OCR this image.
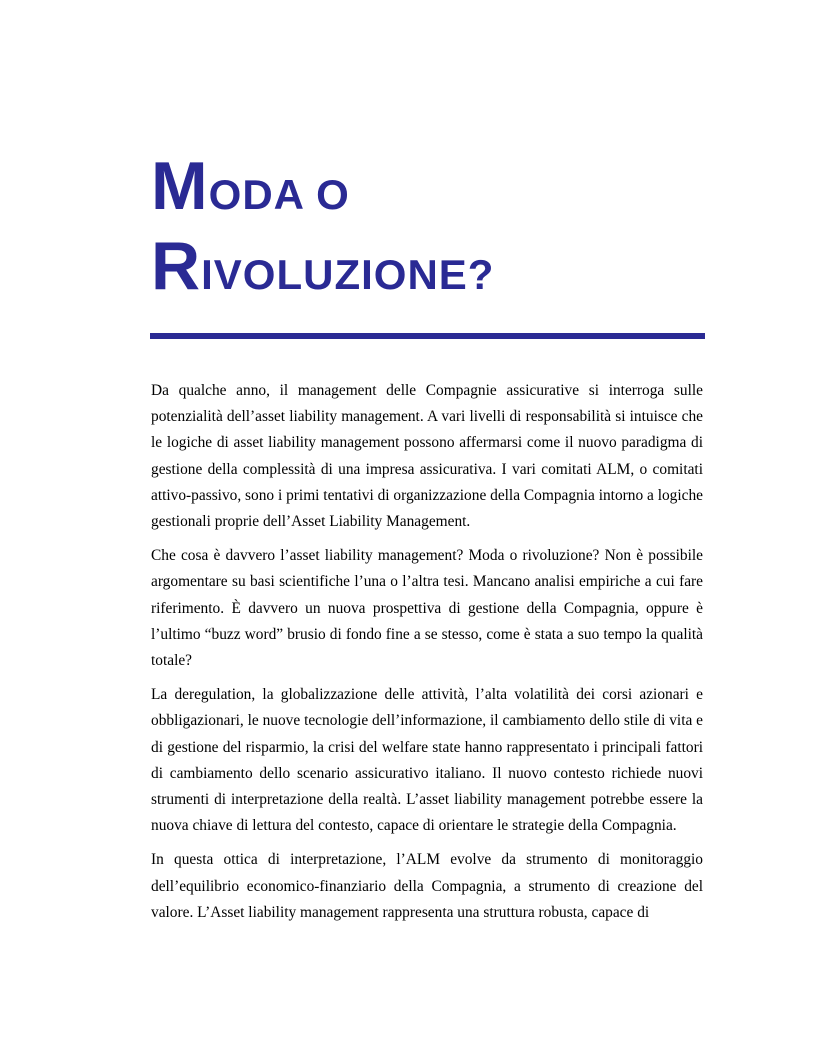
MODA O
RIVOLUZIONE?

Da qualche anno, il management delle Compagnie assicurative si interroga sulle potenzialità dell’asset liability management. A vari livelli di responsabilità si intuisce che le logiche di asset liability management possono affermarsi come il nuovo paradigma di gestione della complessità di una impresa assicurativa. I vari comitati ALM, o comitati attivo-passivo, sono i primi tentativi di organizzazione della Compagnia intorno a logiche gestionali proprie dell’Asset Liability Management.

Che cosa è davvero l’asset liability management? Moda o rivoluzione? Non è possibile argomentare su basi scientifiche l’una o l’altra tesi. Mancano analisi empiriche a cui fare riferimento. È davvero un nuova prospettiva di gestione della Compagnia, oppure è l’ultimo “buzz word” brusio di fondo fine a se stesso, come è stata a suo tempo la qualità totale?

La deregulation, la globalizzazione delle attività, l’alta volatilità dei corsi azionari e obbligazionari, le nuove tecnologie dell’informazione, il cambiamento dello stile di vita e di gestione del risparmio, la crisi del welfare state hanno rappresentato i principali fattori di cambiamento dello scenario assicurativo italiano. Il nuovo contesto richiede nuovi strumenti di interpretazione della realtà. L’asset liability management potrebbe essere la nuova chiave di lettura del contesto, capace di orientare le strategie della Compagnia.

In questa ottica di interpretazione, l’ALM evolve da strumento di monitoraggio dell’equilibrio economico-finanziario della Compagnia, a strumento di creazione del valore. L’Asset liability management rappresenta una struttura robusta, capace di
